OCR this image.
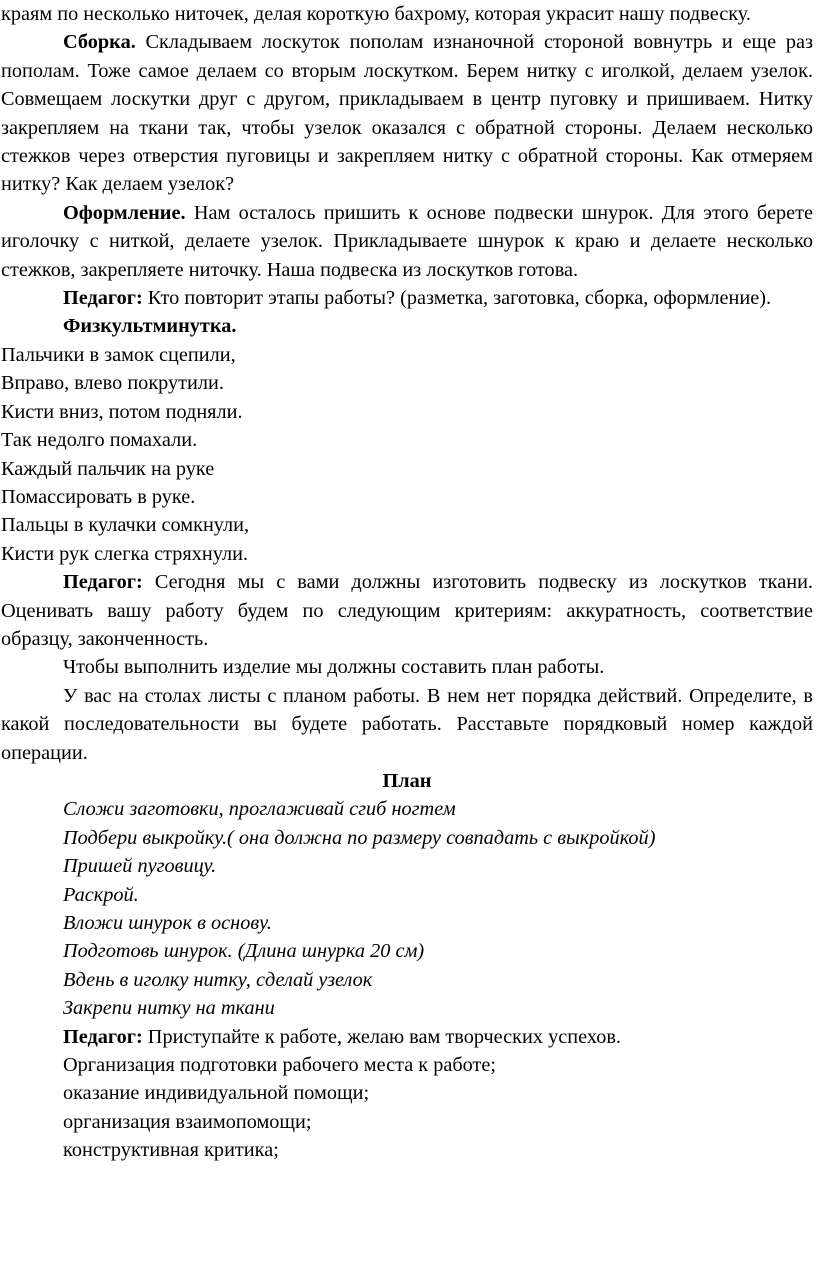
краям по несколько ниточек, делая короткую бахрому, которая украсит нашу подвеску.

Сборка. Складываем лоскуток пополам изнаночной стороной вовнутрь и еще раз пополам. Тоже самое делаем со вторым лоскутком. Берем нитку с иголкой, делаем узелок. Совмещаем лоскутки друг с другом, прикладываем в центр пуговку и пришиваем. Нитку закрепляем на ткани так, чтобы узелок оказался с обратной стороны. Делаем несколько стежков через отверстия пуговицы и закрепляем нитку с обратной стороны. Как отмеряем нитку? Как делаем узелок?

Оформление. Нам осталось пришить к основе подвески шнурок. Для этого берете иголочку с ниткой, делаете узелок. Прикладываете шнурок к краю и делаете несколько стежков, закрепляете ниточку. Наша подвеска из лоскутков готова.

Педагог: Кто повторит этапы работы? (разметка, заготовка, сборка, оформление).

Физкультминутка.

Пальчики в замок сцепили,

Вправо, влево покрутили.

Кисти вниз, потом подняли.

Так недолго помахали.

Каждый пальчик на руке

Помассировать в руке.

Пальцы в кулачки сомкнули,

Кисти рук слегка стряхнули.

Педагог: Сегодня мы с вами должны изготовить подвеску из лоскутков ткани. Оценивать вашу работу будем по следующим критериям: аккуратность, соответствие образцу, законченность.

Чтобы выполнить изделие мы должны составить план работы.

У вас на столах листы с планом работы. В нем нет порядка действий. Определите, в какой последовательности вы будете работать. Расставьте порядковый номер каждой операции.

План

Сложи заготовки, проглаживай сгиб ногтем

Подбери выкройку.( она должна по размеру совпадать с выкройкой)

Пришей пуговицу.

Раскрой.

Вложи шнурок в основу.

Подготовь шнурок. (Длина шнурка 20 см)

Вдень в иголку нитку, сделай узелок

Закрепи нитку на ткани

Педагог: Приступайте к работе, желаю вам творческих успехов.

Организация подготовки рабочего места к работе;

оказание индивидуальной помощи;

организация взаимопомощи;

конструктивная критика;
